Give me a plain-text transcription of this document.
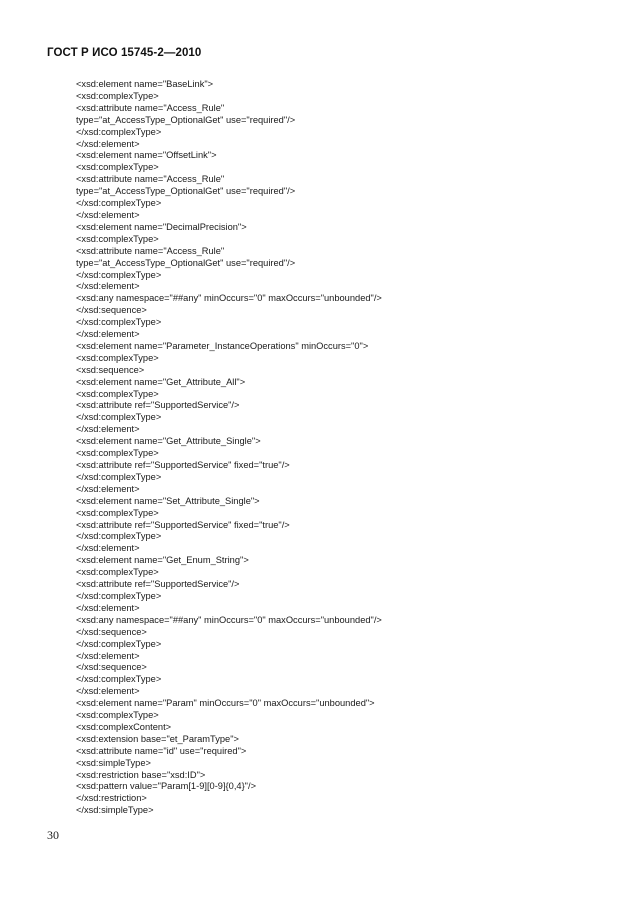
ГОСТ Р ИСО 15745-2—2010
<xsd:element name="BaseLink">
<xsd:complexType>
<xsd:attribute name="Access_Rule"
type="at_AccessType_OptionalGet" use="required"/>
</xsd:complexType>
</xsd:element>
<xsd:element name="OffsetLink">
<xsd:complexType>
<xsd:attribute name="Access_Rule"
type="at_AccessType_OptionalGet" use="required"/>
</xsd:complexType>
</xsd:element>
<xsd:element name="DecimalPrecision">
<xsd:complexType>
<xsd:attribute name="Access_Rule"
type="at_AccessType_OptionalGet" use="required"/>
</xsd:complexType>
</xsd:element>
<xsd:any namespace="##any" minOccurs="0" maxOccurs="unbounded"/>
</xsd:sequence>
</xsd:complexType>
</xsd:element>
<xsd:element name="Parameter_InstanceOperations" minOccurs="0">
<xsd:complexType>
<xsd:sequence>
<xsd:element name="Get_Attribute_All">
<xsd:complexType>
<xsd:attribute ref="SupportedService"/>
</xsd:complexType>
</xsd:element>
<xsd:element name="Get_Attribute_Single">
<xsd:complexType>
<xsd:attribute ref="SupportedService" fixed="true"/>
</xsd:complexType>
</xsd:element>
<xsd:element name="Set_Attribute_Single">
<xsd:complexType>
<xsd:attribute ref="SupportedService" fixed="true"/>
</xsd:complexType>
</xsd:element>
<xsd:element name="Get_Enum_String">
<xsd:complexType>
<xsd:attribute ref="SupportedService"/>
</xsd:complexType>
</xsd:element>
<xsd:any namespace="##any" minOccurs="0" maxOccurs="unbounded"/>
</xsd:sequence>
</xsd:complexType>
</xsd:element>
</xsd:sequence>
</xsd:complexType>
</xsd:element>
<xsd:element name="Param" minOccurs="0" maxOccurs="unbounded">
<xsd:complexType>
<xsd:complexContent>
<xsd:extension base="et_ParamType">
<xsd:attribute name="id" use="required">
<xsd:simpleType>
<xsd:restriction base="xsd:ID">
<xsd:pattern value="Param[1-9][0-9]{0,4}"/>
</xsd:restriction>
</xsd:simpleType>
30
